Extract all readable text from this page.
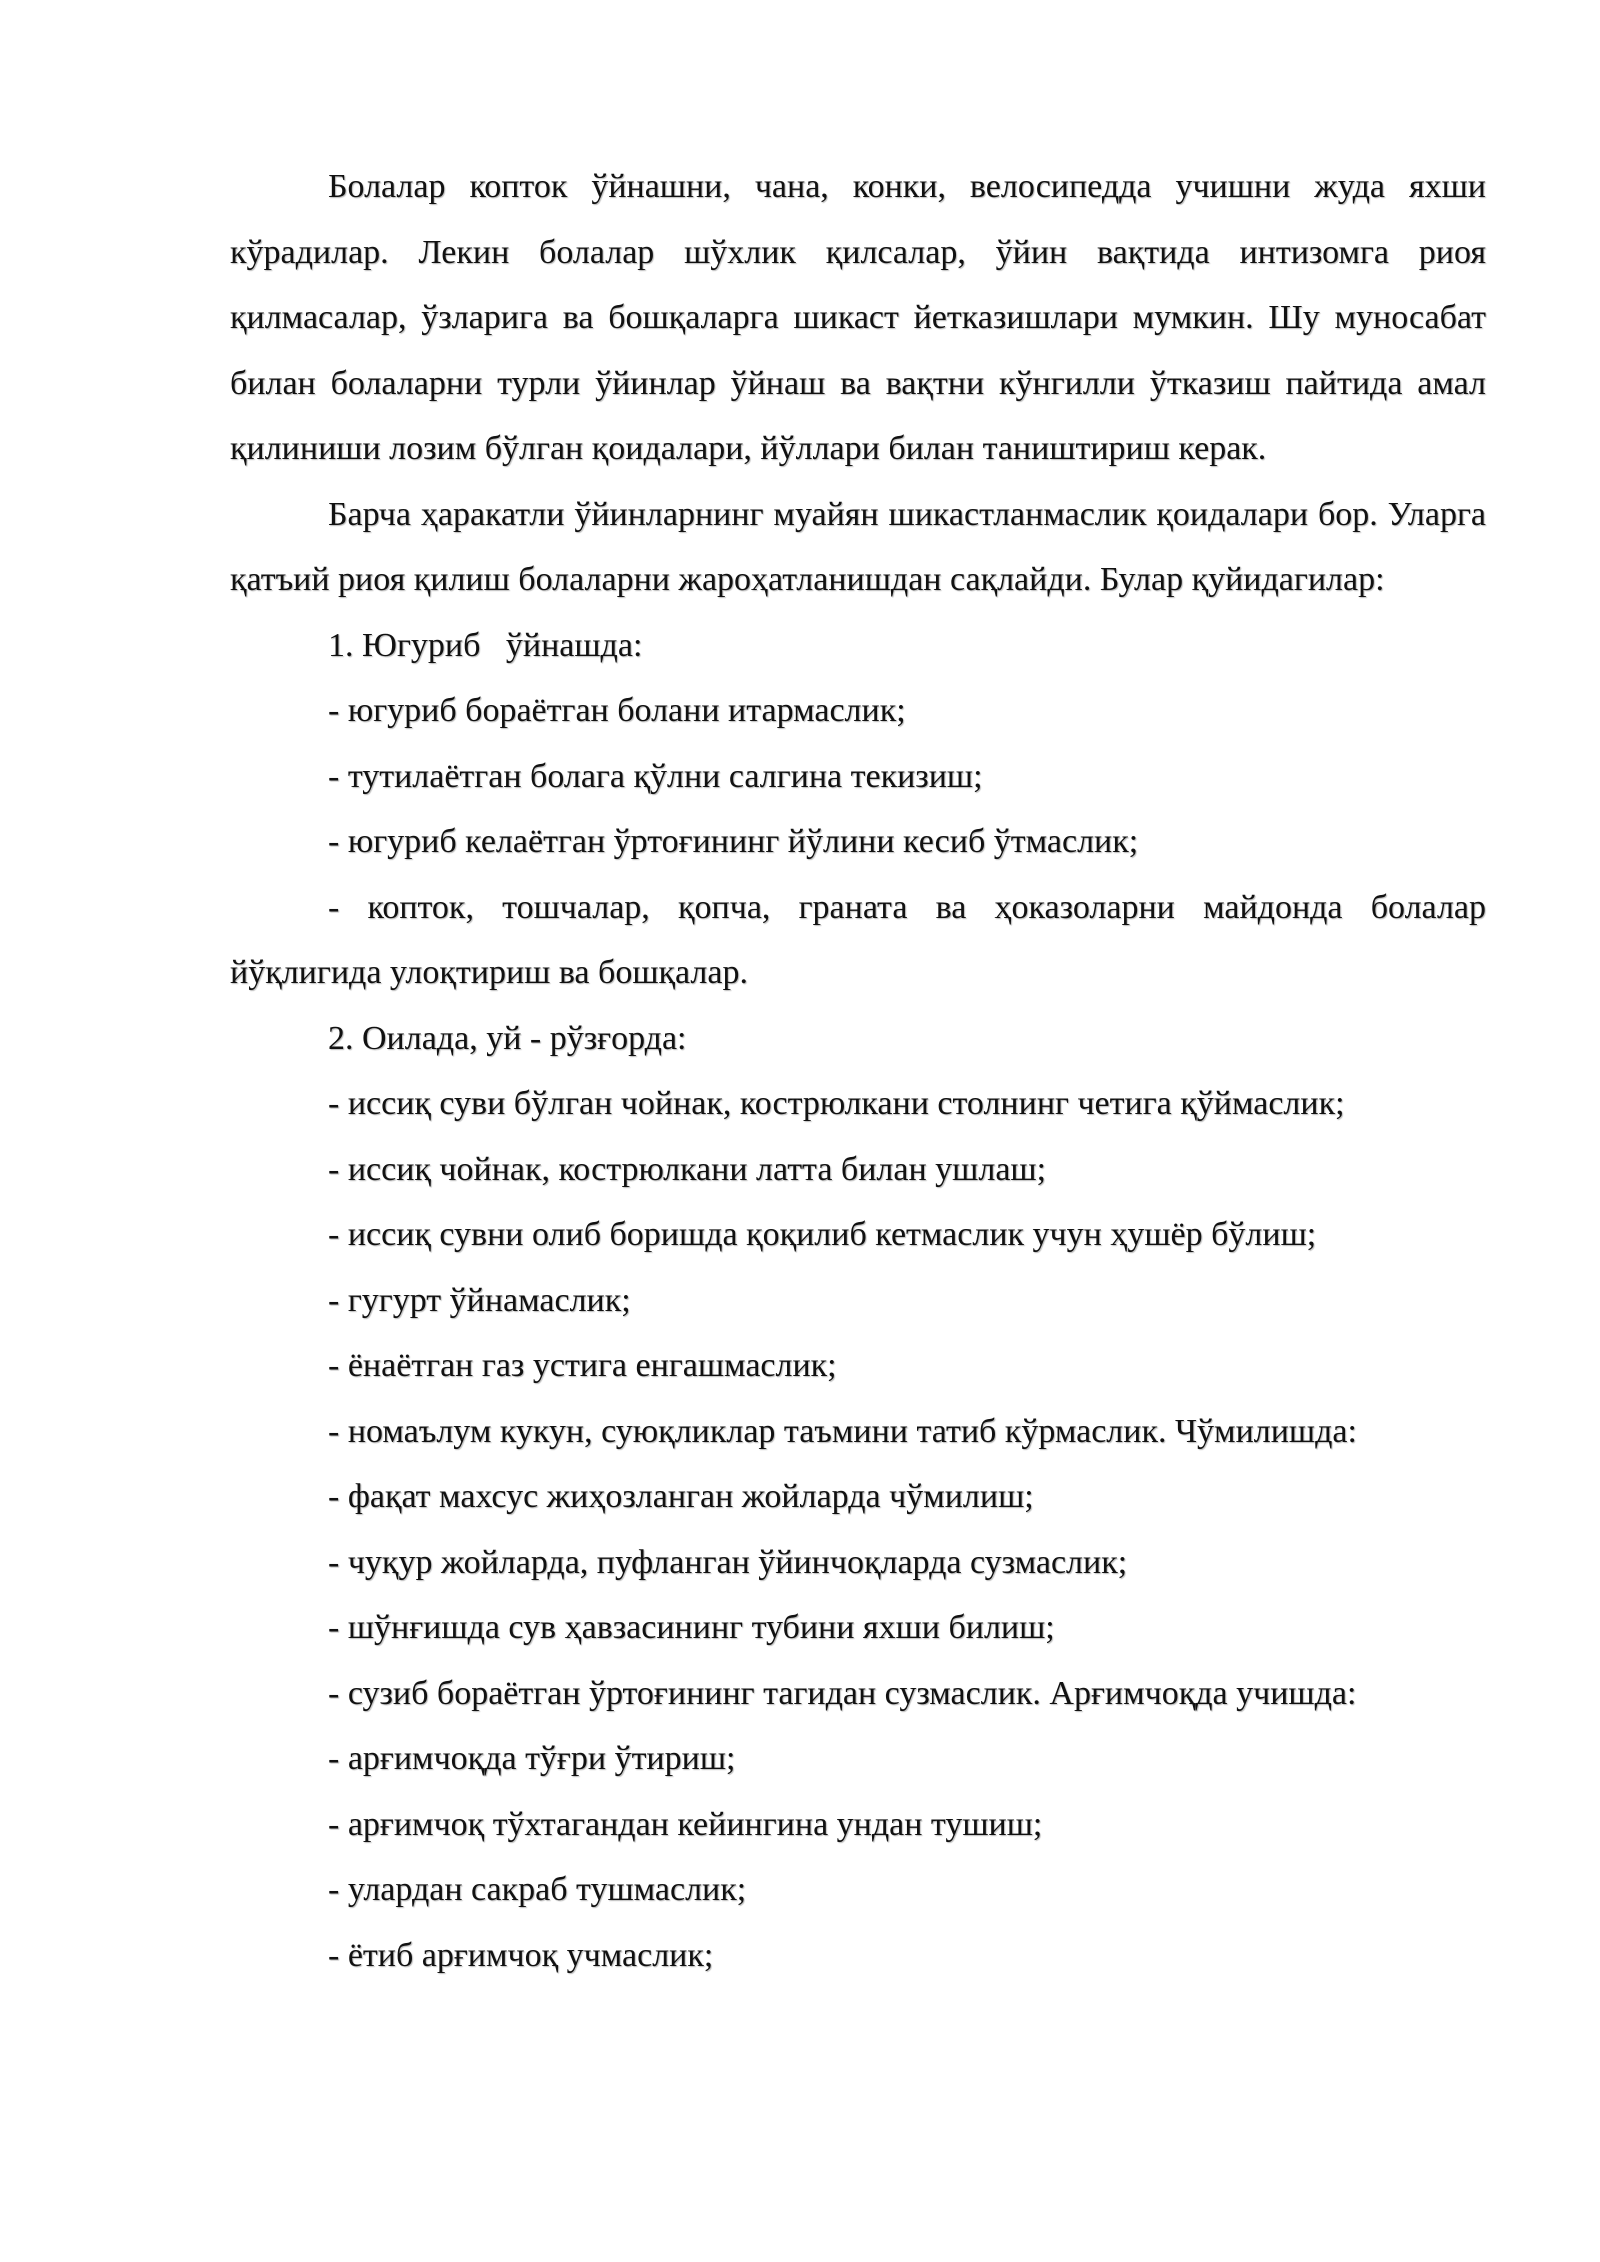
Болалар копток ўйнашни, чана, конки, велосипедда учишни жуда яхши кўрадилар. Лекин болалар шўхлик қилсалар, ўйин вақтида интизомга риоя қилмасалар, ўзларига ва бошқаларга шикаст йетказишлари мумкин. Шу муносабат билан болаларни турли ўйинлар ўйнаш ва вақтни кўнгилли ўтказиш пайтида амал қилиниши лозим бўлган қоидалари, йўллари билан таништириш керак.

Барча ҳаракатли ўйинларнинг муайян шикастланмаслик қоидалари бор. Уларга қатъий риоя қилиш болаларни жароҳатланишдан сақлайди. Булар қуйидагилар:

1. Югуриб   ўйнашда:

- югуриб бораётган болани итармаслик;

- тутилаётган болага қўлни салгина текизиш;

- югуриб келаётган ўртоғининг йўлини кесиб ўтмаслик;

- копток, тошчалар, қопча, граната ва ҳоказоларни майдонда болалар йўқлигида улоқтириш ва бошқалар.

2. Оилада, уй - рўзғорда:

- иссиқ суви бўлган чойнак, кострюлкани столнинг четига қўймаслик;

- иссиқ чойнак, кострюлкани латта билан ушлаш;

- иссиқ сувни олиб боришда қоқилиб кетмаслик учун ҳушёр бўлиш;

- гугурт ўйнамаслик;

- ёнаётган газ устига енгашмаслик;

- номаълум кукун, суюқликлар таъмини татиб кўрмаслик. Чўмилишда:

- фақат махсус жиҳозланган жойларда чўмилиш;

- чуқур жойларда, пуфланган ўйинчоқларда сузмаслик;

- шўнғишда сув ҳавзасининг тубини яхши билиш;

- сузиб бораётган ўртоғининг тагидан сузмаслик. Арғимчоқда учишда:

- арғимчоқда тўғри ўтириш;

- арғимчоқ тўхтагандан кейингина ундан тушиш;

- улардан сакраб тушмаслик;

- ётиб арғимчоқ учмаслик;
